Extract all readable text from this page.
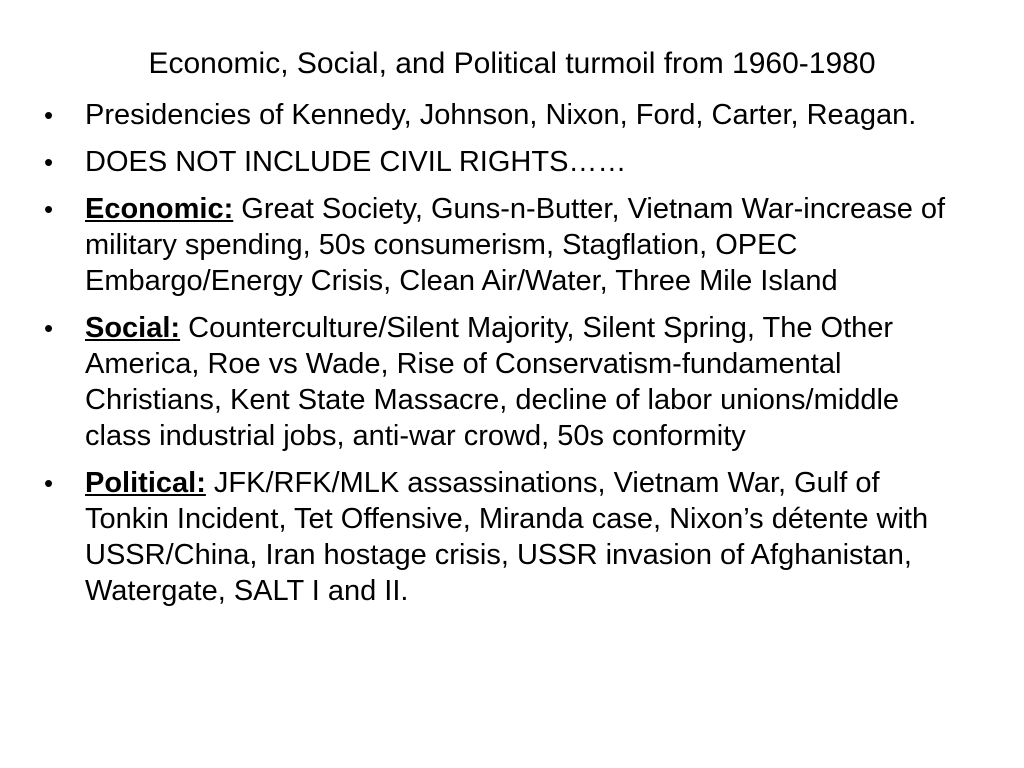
Economic, Social, and Political turmoil from 1960-1980
• Presidencies of Kennedy, Johnson, Nixon, Ford, Carter, Reagan.
• DOES NOT INCLUDE CIVIL RIGHTS……
• Economic: Great Society, Guns-n-Butter, Vietnam War-increase of military spending, 50s consumerism, Stagflation, OPEC Embargo/Energy Crisis, Clean Air/Water, Three Mile Island
• Social: Counterculture/Silent Majority, Silent Spring, The Other America, Roe vs Wade, Rise of Conservatism-fundamental Christians, Kent State Massacre, decline of labor unions/middle class industrial jobs, anti-war crowd, 50s conformity
• Political: JFK/RFK/MLK assassinations, Vietnam War, Gulf of Tonkin Incident, Tet Offensive, Miranda case, Nixon’s détente with USSR/China, Iran hostage crisis, USSR invasion of Afghanistan, Watergate, SALT I and II.
